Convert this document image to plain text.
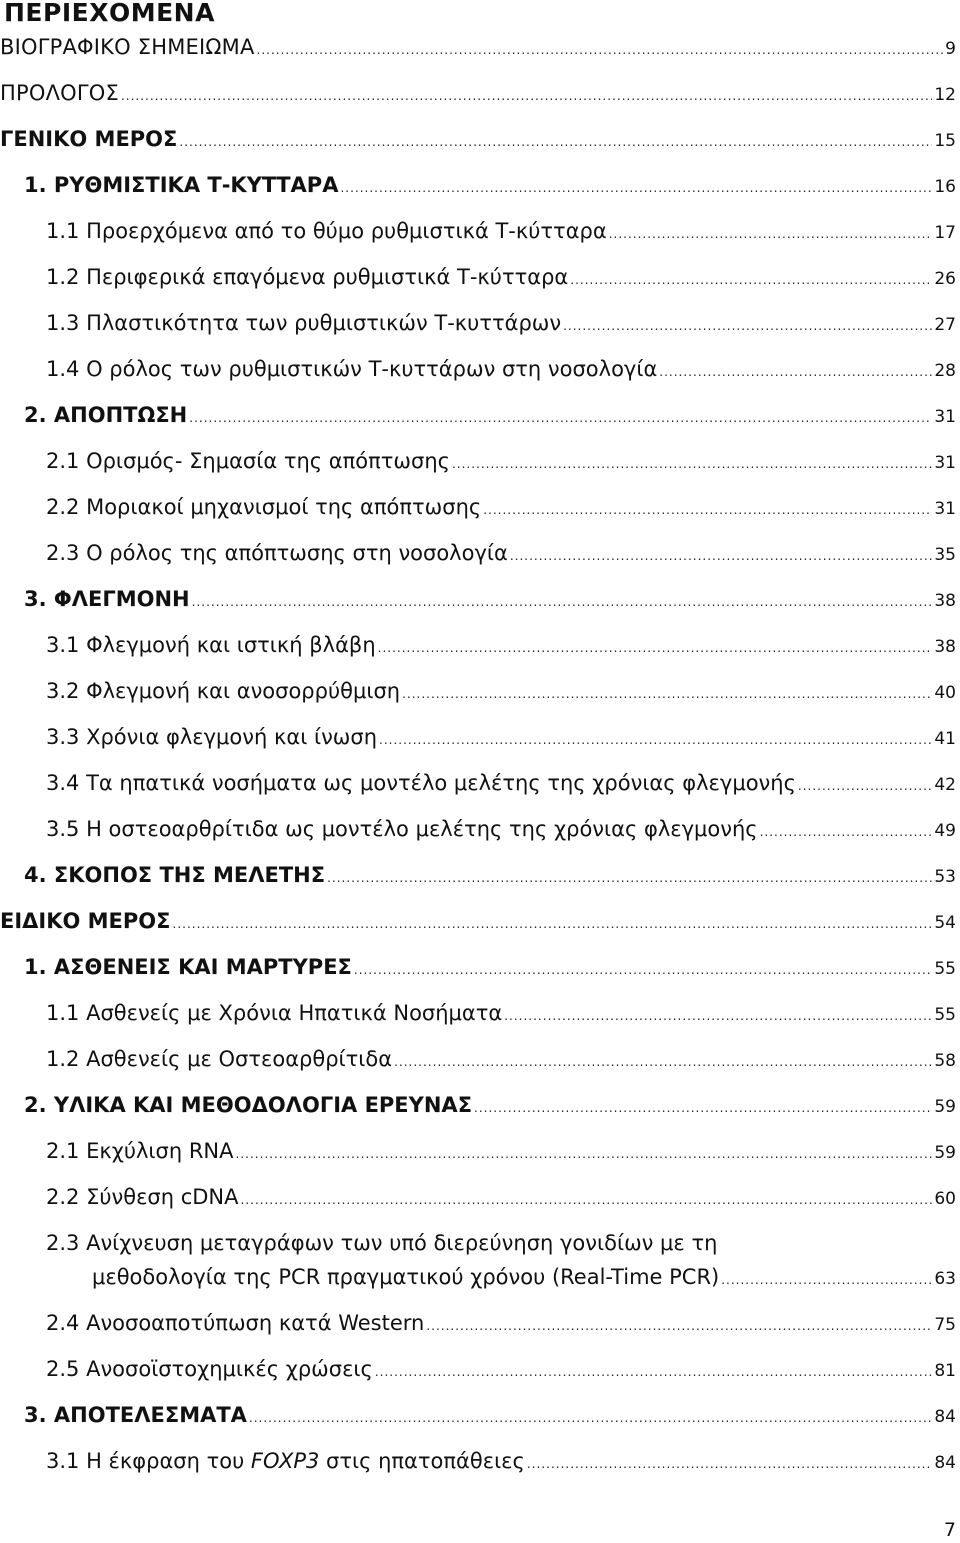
ΠΕΡΙΕΧΟΜΕΝΑ
ΒΙΟΓΡΑΦΙΚΟ ΣΗΜΕΙΩΜΑ .....	9
ΠΡΟΛΟΓΟΣ .....	12
ΓΕΝΙΚΟ ΜΕΡΟΣ .....	15
1. ΡΥΘΜΙΣΤΙΚΑ Τ-ΚΥΤΤΑΡΑ .....	16
1.1 Προερχόμενα από το θύμο ρυθμιστικά Τ-κύτταρα .....	17
1.2 Περιφερικά επαγόμενα ρυθμιστικά Τ-κύτταρα .....	26
1.3 Πλαστικότητα των ρυθμιστικών Τ-κυττάρων .....	27
1.4 Ο ρόλος των ρυθμιστικών Τ-κυττάρων στη νοσολογία .....	28
2. ΑΠΟΠΤΩΣΗ .....	31
2.1 Ορισμός- Σημασία της απόπτωσης .....	31
2.2 Μοριακοί μηχανισμοί της απόπτωσης .....	31
2.3 Ο ρόλος της απόπτωσης στη νοσολογία .....	35
3. ΦΛΕΓΜΟΝΗ .....	38
3.1 Φλεγμονή και ιστική βλάβη .....	38
3.2 Φλεγμονή και ανοσορρύθμιση .....	40
3.3 Χρόνια φλεγμονή και ίνωση .....	41
3.4 Τα ηπατικά νοσήματα ως μοντέλο μελέτης της χρόνιας φλεγμονής .....	42
3.5 Η οστεοαρθρίτιδα ως μοντέλο μελέτης της χρόνιας φλεγμονής .....	49
4. ΣΚΟΠΟΣ ΤΗΣ ΜΕΛΕΤΗΣ .....	53
ΕΙΔΙΚΟ ΜΕΡΟΣ .....	54
1. ΑΣΘΕΝΕΙΣ ΚΑΙ ΜΑΡΤΥΡΕΣ .....	55
1.1 Ασθενείς με Χρόνια Ηπατικά Νοσήματα .....	55
1.2 Ασθενείς με Οστεοαρθρίτιδα .....	58
2. ΥΛΙΚΑ ΚΑΙ ΜΕΘΟΔΟΛΟΓΙΑ ΕΡΕΥΝΑΣ .....	59
2.1 Εκχύλιση RNA .....	59
2.2 Σύνθεση cDNA .....	60
2.3 Ανίχνευση μεταγράφων των υπό διερεύνηση γονιδίων με τη
μεθοδολογία της PCR πραγματικού χρόνου (Real-Time PCR) .....	63
2.4 Ανοσοαποτύπωση κατά Western .....	75
2.5 Ανοσοϊστοχημικές χρώσεις .....	81
3. ΑΠΟΤΕΛΕΣΜΑΤΑ .....	84
3.1 Η έκφραση του FOXP3 στις ηπατοπάθειες .....	84
7
